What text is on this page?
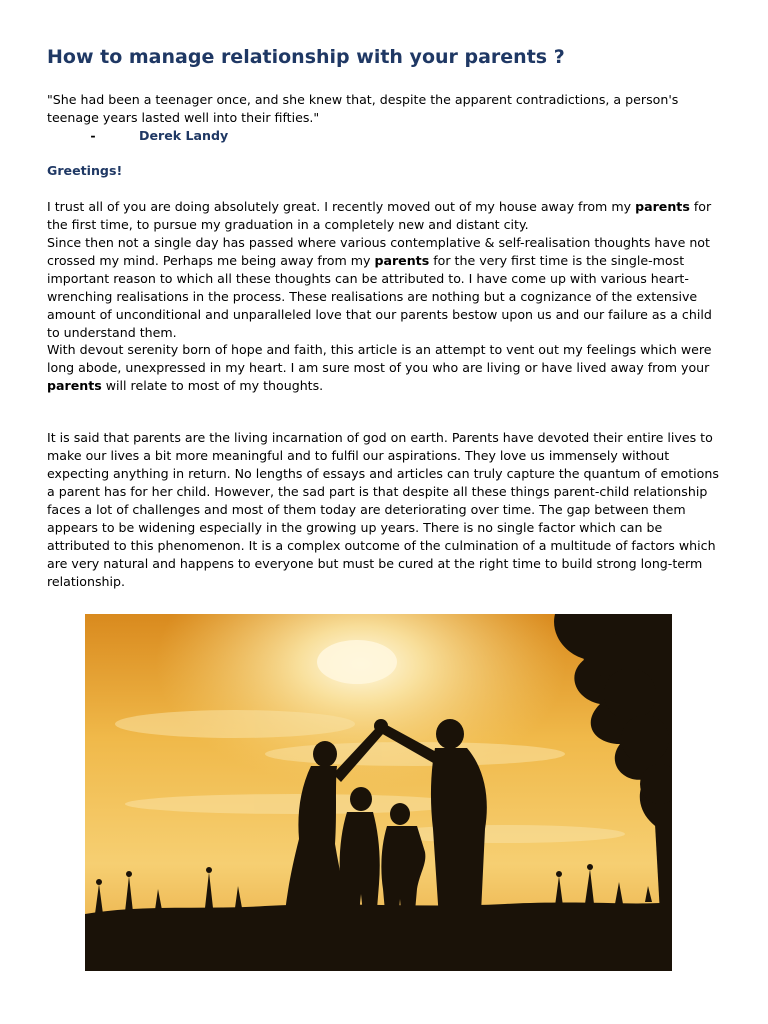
How to manage relationship with your parents ?

"She had been a teenager once, and she knew that, despite the apparent contradictions, a person's teenage years lasted well into their fifties."

-	Derek Landy

Greetings!

I trust all of you are doing absolutely great. I recently moved out of my house away from my parents for the first time, to pursue my graduation in a completely new and distant city.

Since then not a single day has passed where various contemplative & self-realisation thoughts have not crossed my mind. Perhaps me being away from my parents for the very first time is the single-most important reason to which all these thoughts can be attributed to. I have come up with various heart-wrenching realisations in the process. These realisations are nothing but a cognizance of the extensive amount of unconditional and unparalleled love that our parents bestow upon us and our failure as a child to understand them.

With devout serenity born of hope and faith, this article is an attempt to vent out my feelings which were long abode, unexpressed in my heart. I am sure most of you who are living or have lived away from your parents will relate to most of my thoughts.

It is said that parents are the living incarnation of god on earth. Parents have devoted their entire lives to make our lives a bit more meaningful and to fulfil our aspirations. They love us immensely without expecting anything in return. No lengths of essays and articles can truly capture the quantum of emotions a parent has for her child. However, the sad part is that despite all these things parent-child relationship faces a lot of challenges and most of them today are deteriorating over time. The gap between them appears to be widening especially in the growing up years. There is no single factor which can be attributed to this phenomenon. It is a complex outcome of the culmination of a multitude of factors which are very natural and happens to everyone but must be cured at the right time to build strong long-term relationship.
